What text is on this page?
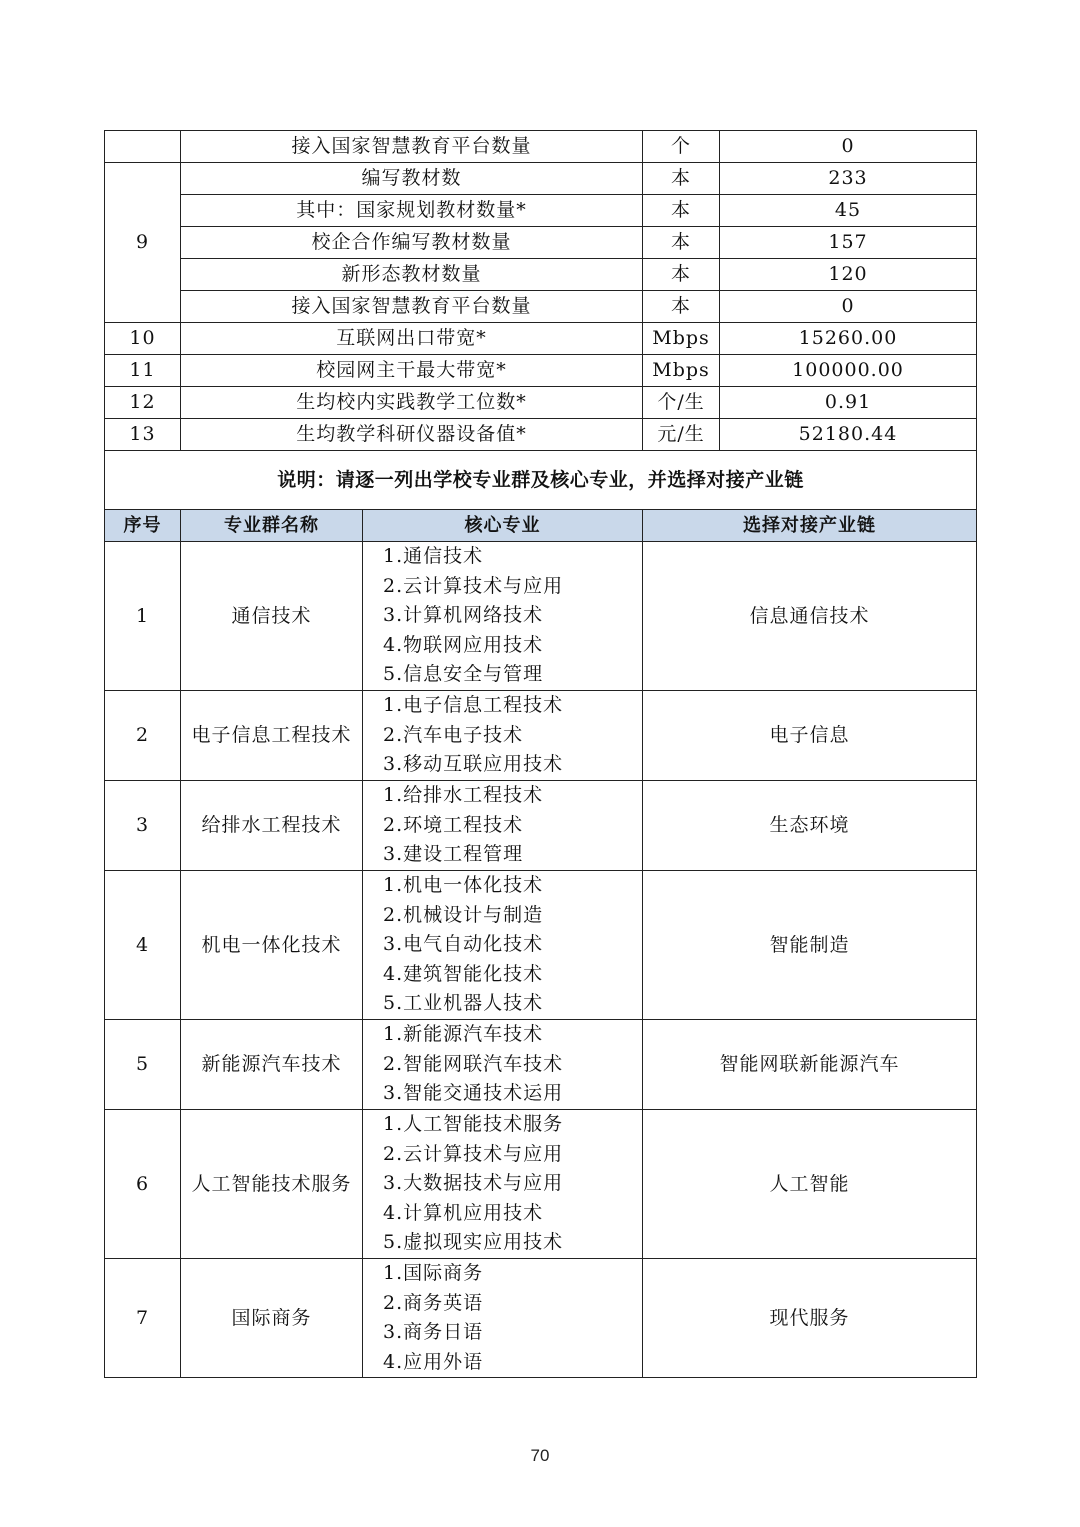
	接入国家智慧教育平台数量		个	0
9	编写教材数		本	233
	其中：国家规划教材数量*		本	45
	校企合作编写教材数量		本	157
	新形态教材数量		本	120
	接入国家智慧教育平台数量		本	0
10	互联网出口带宽*		Mbps	15260.00
11	校园网主干最大带宽*		Mbps	100000.00
12	生均校内实践教学工位数*		个/生	0.91
13	生均教学科研仪器设备值*		元/生	52180.44
说明：请逐一列出学校专业群及核心专业，并选择对接产业链				
序号	专业群名称	核心专业	选择对接产业链	
1	通信技术	1.通信技术
2.云计算技术与应用
3.计算机网络技术
4.物联网应用技术
5.信息安全与管理	信息通信技术	
2	电子信息工程技术	1.电子信息工程技术
2.汽车电子技术
3.移动互联应用技术	电子信息	
3	给排水工程技术	1.给排水工程技术
2.环境工程技术
3.建设工程管理	生态环境	
4	机电一体化技术	1.机电一体化技术
2.机械设计与制造
3.电气自动化技术
4.建筑智能化技术
5.工业机器人技术	智能制造	
5	新能源汽车技术	1.新能源汽车技术
2.智能网联汽车技术
3.智能交通技术运用	智能网联新能源汽车	
6	人工智能技术服务	1.人工智能技术服务
2.云计算技术与应用
3.大数据技术与应用
4.计算机应用技术
5.虚拟现实应用技术	人工智能	
7	国际商务	1.国际商务
2.商务英语
3.商务日语
4.应用外语	现代服务	
70
